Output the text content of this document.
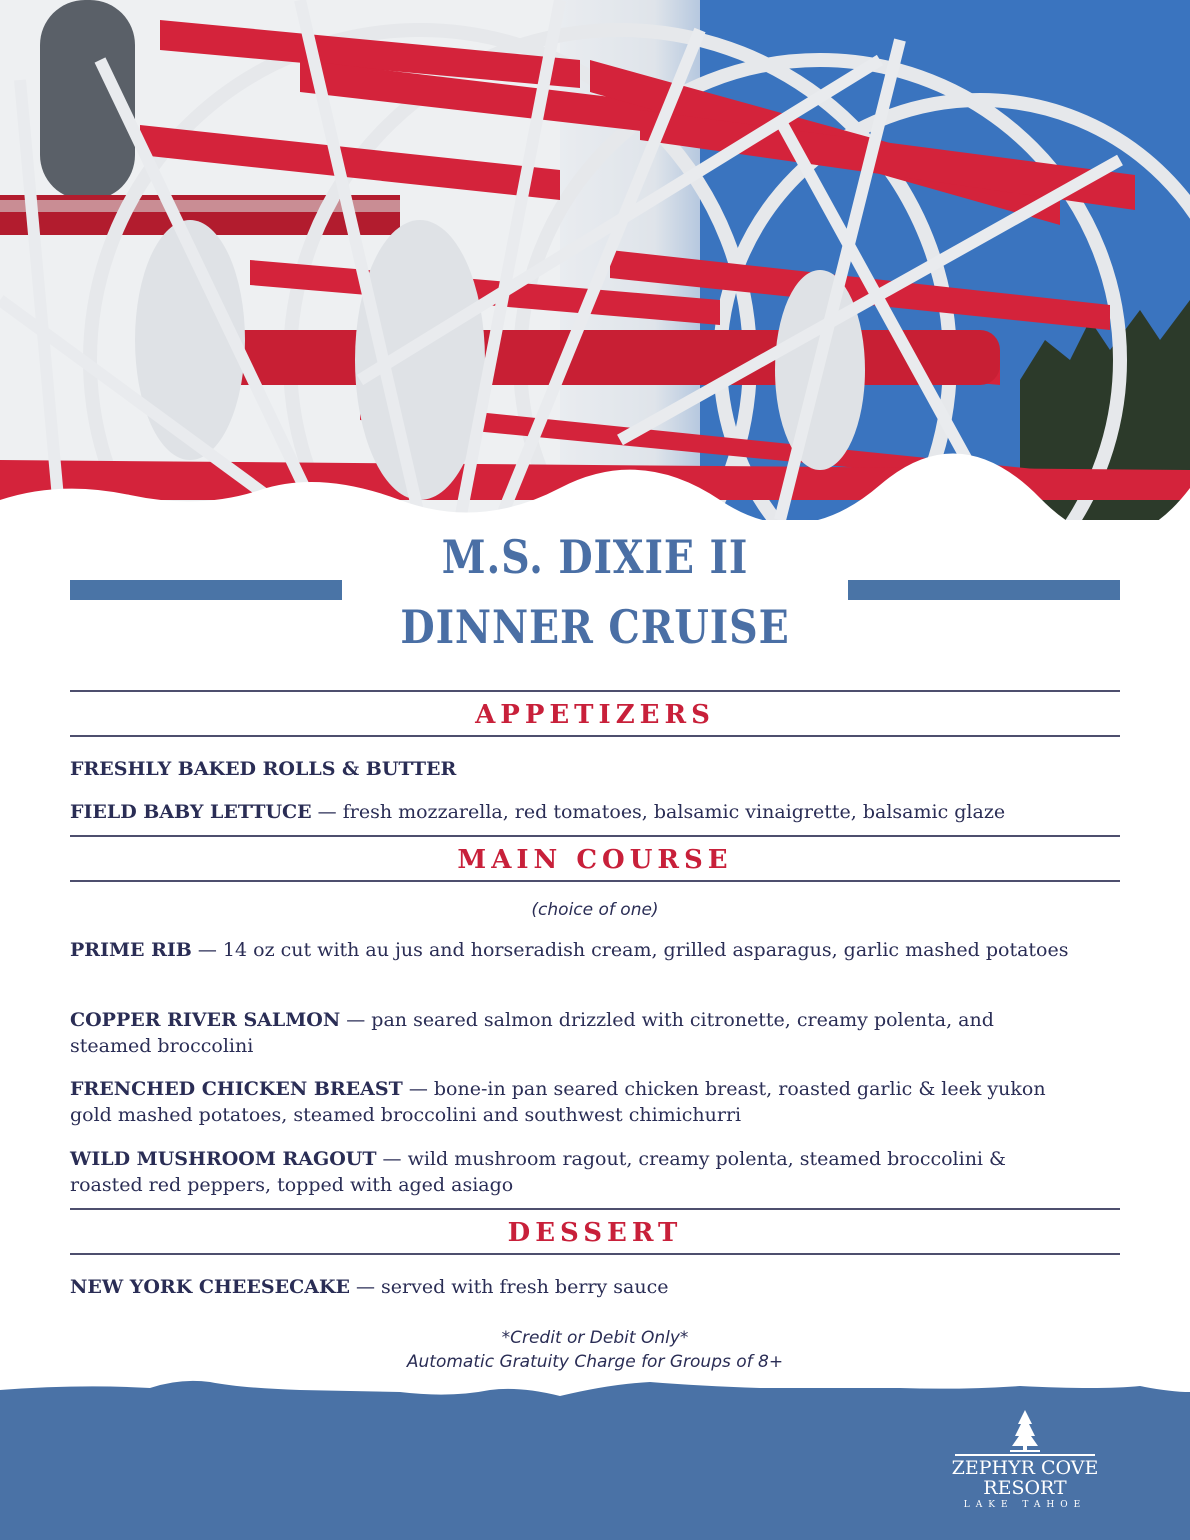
M.S. DIXIE II
DINNER CRUISE
APPETIZERS
FRESHLY BAKED ROLLS & BUTTER
FIELD BABY LETTUCE — fresh mozzarella, red tomatoes, balsamic vinaigrette, balsamic glaze
MAIN COURSE
(choice of one)
PRIME RIB — 14 oz cut with au jus and horseradish cream, grilled asparagus, garlic mashed potatoes
COPPER RIVER SALMON — pan seared salmon drizzled with citronette, creamy polenta, and steamed broccolini
FRENCHED CHICKEN BREAST — bone-in pan seared chicken breast, roasted garlic & leek yukon gold mashed potatoes, steamed broccolini and southwest chimichurri
WILD MUSHROOM RAGOUT — wild mushroom ragout, creamy polenta, steamed broccolini & roasted red peppers, topped with aged asiago
DESSERT
NEW YORK CHEESECAKE — served with fresh berry sauce
*Credit or Debit Only*
Automatic Gratuity Charge for Groups of 8+
ZEPHYR COVE
RESORT
LAKE TAHOE
